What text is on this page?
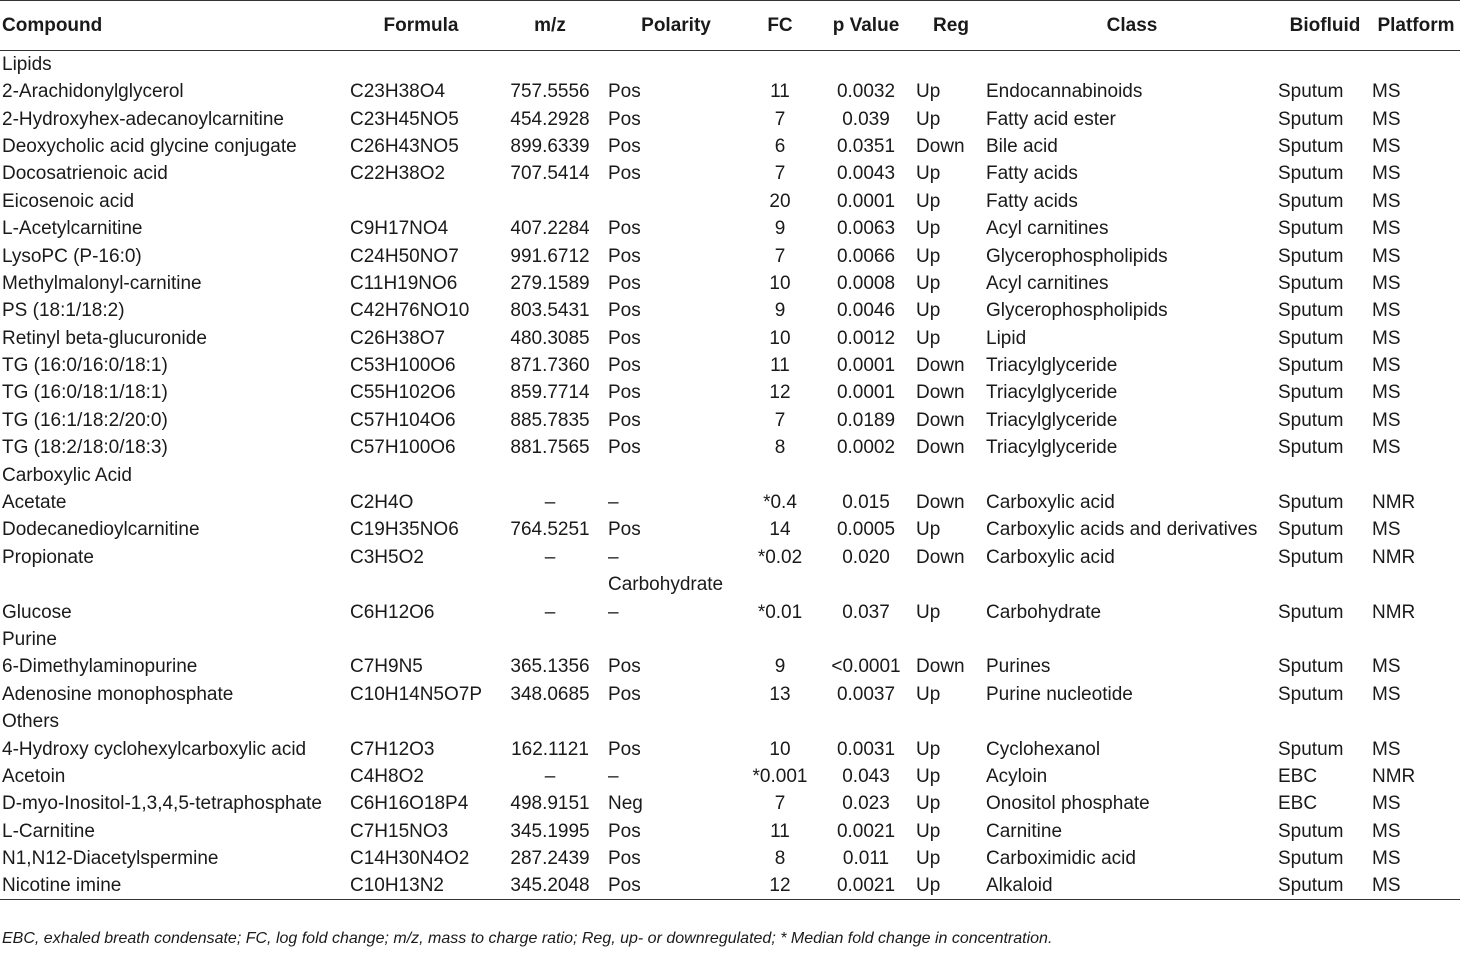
Compound	Formula	m/z	Polarity	FC	p Value	Reg	Class	Biofluid	Platform
Lipids									
2-Arachidonylglycerol	C23H38O4	757.5556	Pos	11	0.0032	Up	Endocannabinoids	Sputum	MS
2-Hydroxyhex-adecanoylcarnitine	C23H45NO5	454.2928	Pos	7	0.039	Up	Fatty acid ester	Sputum	MS
Deoxycholic acid glycine conjugate	C26H43NO5	899.6339	Pos	6	0.0351	Down	Bile acid	Sputum	MS
Docosatrienoic acid	C22H38O2	707.5414	Pos	7	0.0043	Up	Fatty acids	Sputum	MS
Eicosenoic acid				20	0.0001	Up	Fatty acids	Sputum	MS
L-Acetylcarnitine	C9H17NO4	407.2284	Pos	9	0.0063	Up	Acyl carnitines	Sputum	MS
LysoPC (P-16:0)	C24H50NO7	991.6712	Pos	7	0.0066	Up	Glycerophospholipids	Sputum	MS
Methylmalonyl-carnitine	C11H19NO6	279.1589	Pos	10	0.0008	Up	Acyl carnitines	Sputum	MS
PS (18:1/18:2)	C42H76NO10	803.5431	Pos	9	0.0046	Up	Glycerophospholipids	Sputum	MS
Retinyl beta-glucuronide	C26H38O7	480.3085	Pos	10	0.0012	Up	Lipid	Sputum	MS
TG (16:0/16:0/18:1)	C53H100O6	871.7360	Pos	11	0.0001	Down	Triacylglyceride	Sputum	MS
TG (16:0/18:1/18:1)	C55H102O6	859.7714	Pos	12	0.0001	Down	Triacylglyceride	Sputum	MS
TG (16:1/18:2/20:0)	C57H104O6	885.7835	Pos	7	0.0189	Down	Triacylglyceride	Sputum	MS
TG (18:2/18:0/18:3)	C57H100O6	881.7565	Pos	8	0.0002	Down	Triacylglyceride	Sputum	MS
Carboxylic Acid									
Acetate	C2H4O	–	–	*0.4	0.015	Down	Carboxylic acid	Sputum	NMR
Dodecanedioylcarnitine	C19H35NO6	764.5251	Pos	14	0.0005	Up	Carboxylic acids and derivatives	Sputum	MS
Propionate	C3H5O2	–	–	*0.02	0.020	Down	Carboxylic acid	Sputum	NMR
			Carbohydrate						
Glucose	C6H12O6	–	–	*0.01	0.037	Up	Carbohydrate	Sputum	NMR
Purine									
6-Dimethylaminopurine	C7H9N5	365.1356	Pos	9	<0.0001	Down	Purines	Sputum	MS
Adenosine monophosphate	C10H14N5O7P	348.0685	Pos	13	0.0037	Up	Purine nucleotide	Sputum	MS
Others									
4-Hydroxy cyclohexylcarboxylic acid	C7H12O3	162.1121	Pos	10	0.0031	Up	Cyclohexanol	Sputum	MS
Acetoin	C4H8O2	–	–	*0.001	0.043	Up	Acyloin	EBC	NMR
D-myo-Inositol-1,3,4,5-tetraphosphate	C6H16O18P4	498.9151	Neg	7	0.023	Up	Onositol phosphate	EBC	MS
L-Carnitine	C7H15NO3	345.1995	Pos	11	0.0021	Up	Carnitine	Sputum	MS
N1,N12-Diacetylspermine	C14H30N4O2	287.2439	Pos	8	0.011	Up	Carboximidic acid	Sputum	MS
Nicotine imine	C10H13N2	345.2048	Pos	12	0.0021	Up	Alkaloid	Sputum	MS
EBC, exhaled breath condensate; FC, log fold change; m/z, mass to charge ratio; Reg, up- or downregulated; * Median fold change in concentration.
